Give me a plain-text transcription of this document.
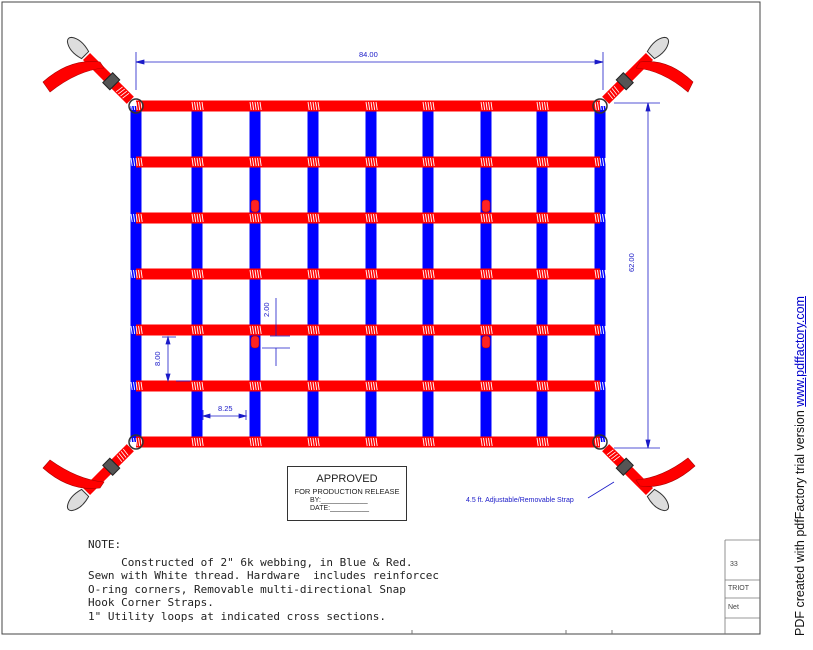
84.00
62.00
8.00
8.25
2.00
4.5 ft. Adjustable/Removable Strap
APPROVED
FOR PRODUCTION RELEASE
BY:____________
DATE:__________
NOTE:
Constructed of 2" 6k webbing, in Blue & Red.
Sewn with White thread. Hardware  includes reinforcec
O-ring corners, Removable multi-directional Snap
Hook Corner Straps.
1" Utility loops at indicated cross sections.
33
TRIOT
Net	PDF created with pdfFactory trial version www.pdffactory.com
